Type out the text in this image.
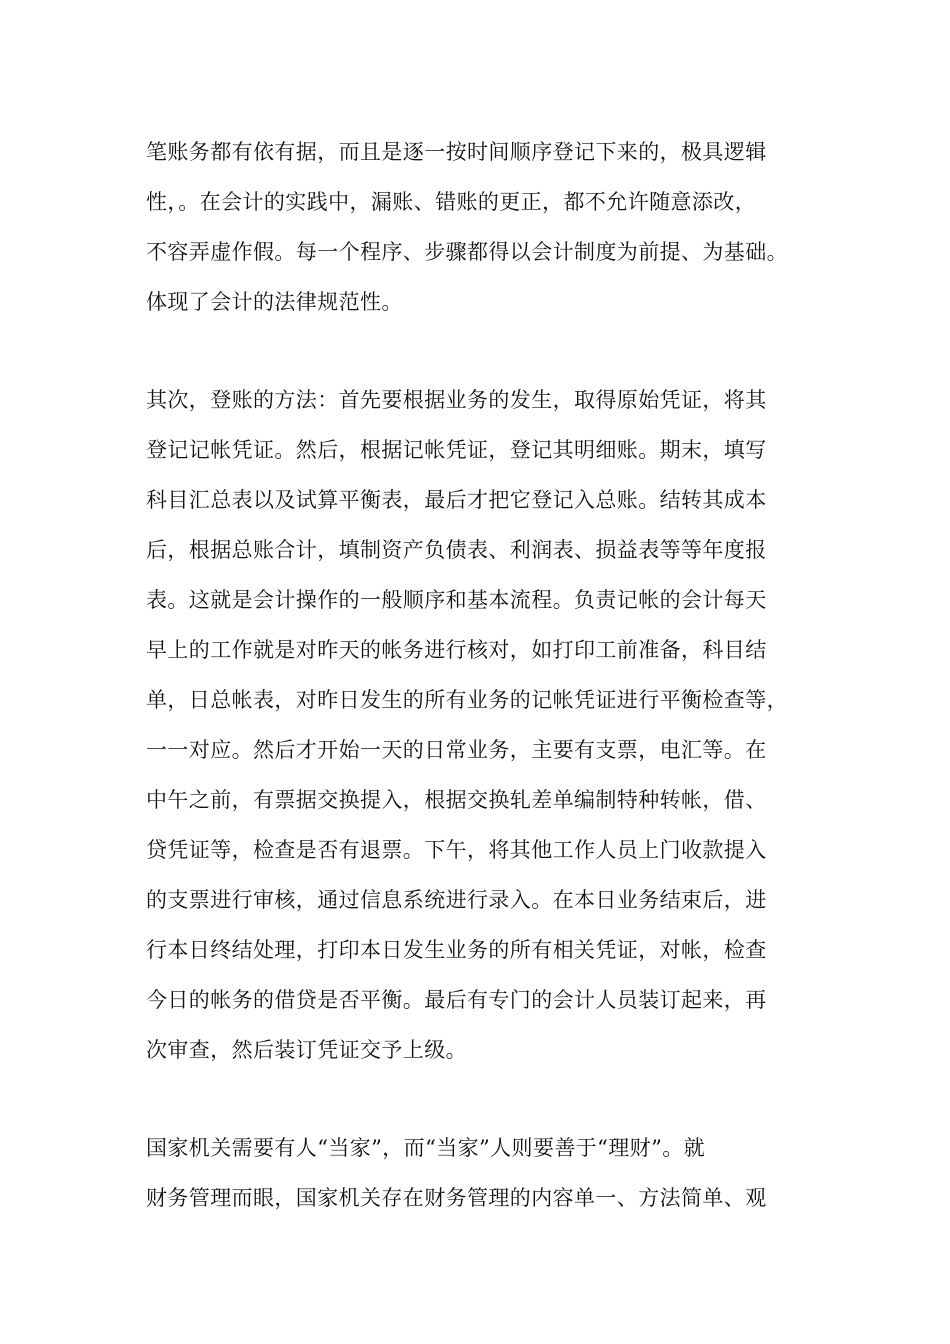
笔账务都有依有据，而且是逐一按时间顺序登记下来的，极具逻辑
性，。在会计的实践中，漏账、错账的更正，都不允许随意添改，
不容弄虚作假。每一个程序、步骤都得以会计制度为前提、为基础。
体现了会计的法律规范性。
其次，登账的方法：首先要根据业务的发生，取得原始凭证，将其
登记记帐凭证。然后，根据记帐凭证，登记其明细账。期末，填写
科目汇总表以及试算平衡表，最后才把它登记入总账。结转其成本
后，根据总账合计，填制资产负债表、利润表、损益表等等年度报
表。这就是会计操作的一般顺序和基本流程。负责记帐的会计每天
早上的工作就是对昨天的帐务进行核对，如打印工前准备，科目结
单，日总帐表，对昨日发生的所有业务的记帐凭证进行平衡检查等，
一一对应。然后才开始一天的日常业务，主要有支票，电汇等。在
中午之前，有票据交换提入，根据交换轧差单编制特种转帐，借、
贷凭证等，检查是否有退票。下午，将其他工作人员上门收款提入
的支票进行审核，通过信息系统进行录入。在本日业务结束后，进
行本日终结处理，打印本日发生业务的所有相关凭证，对帐，检查
今日的帐务的借贷是否平衡。最后有专门的会计人员装订起来，再
次审查，然后装订凭证交予上级。
国家机关需要有人“当家”，而“当家”人则要善于“理财”。就
财务管理而眼，国家机关存在财务管理的内容单一、方法简单、观
